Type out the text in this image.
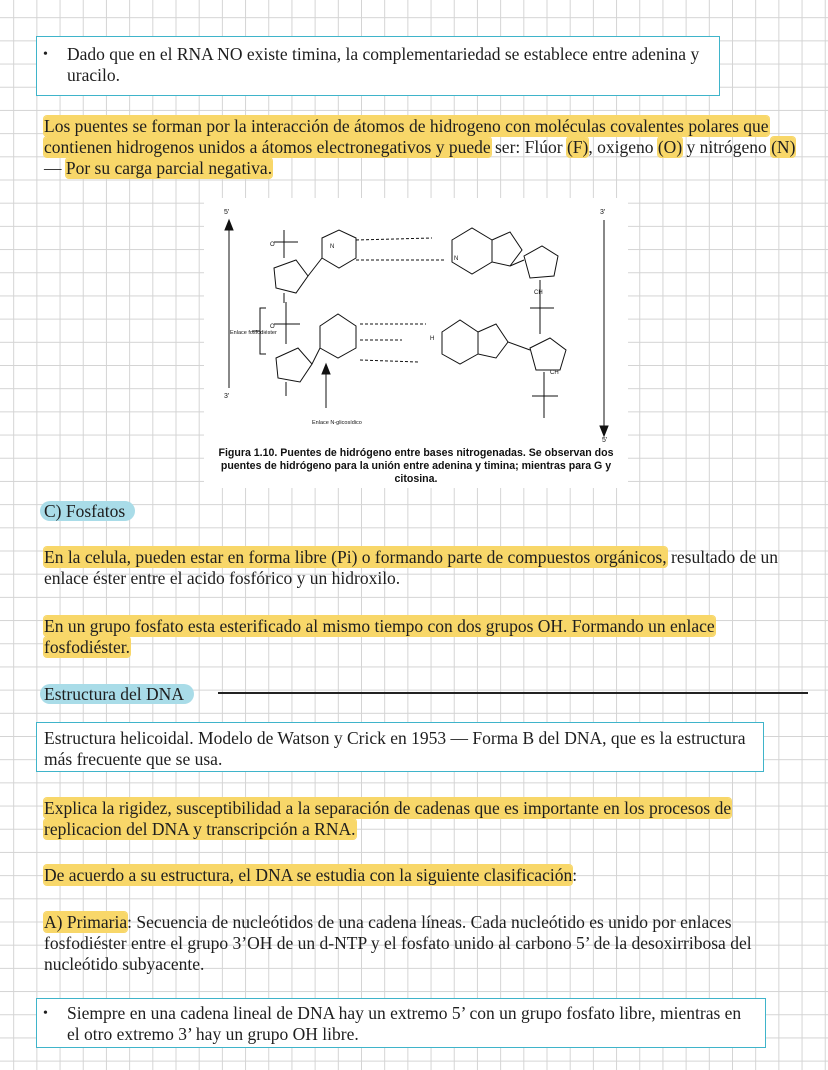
•	Dado que en el RNA NO existe timina, la complementariedad se establece entre adenina y uracilo.
Los puentes se forman por la interacción de átomos de hidrogeno con moléculas covalentes polares que contienen hidrogenos unidos a átomos electronegativos y puede ser: Flúor (F), oxigeno (O) y nitrógeno (N) — Por su carga parcial negativa.
5'	3'
3'
5'
Enlace fosfodiéster
Enlace N-glicosídico
O	N
N
CH
O
H
CH
Figura 1.10. Puentes de hidrógeno entre bases nitrogenadas. Se observan dos puentes de hidrógeno para la unión entre adenina y timina; mientras para G y citosina.
C) Fosfatos
En la celula, pueden estar en forma libre (Pi) o formando parte de compuestos orgánicos, resultado de un enlace éster entre el acido fosfórico y un hidroxilo.
En un grupo fosfato esta esterificado al mismo tiempo con dos grupos OH. Formando un enlace fosfodiéster.
Estructura del DNA
Estructura helicoidal. Modelo de Watson y Crick en 1953 — Forma B del DNA, que es la estructura más frecuente que se usa.
Explica la rigidez, susceptibilidad a la separación de cadenas que es importante en los procesos de replicacion del DNA y transcripción a RNA.
De acuerdo a su estructura, el DNA se estudia con la siguiente clasificación:
A) Primaria: Secuencia de nucleótidos de una cadena líneas. Cada nucleótido es unido por enlaces fosfodiéster entre el grupo 3’OH de un d-NTP y el fosfato unido al carbono 5’ de la desoxirribosa del nucleótido subyacente.
•	Siempre en una cadena lineal de DNA hay un extremo 5’ con un grupo fosfato libre, mientras en el otro extremo 3’ hay un grupo OH libre.
